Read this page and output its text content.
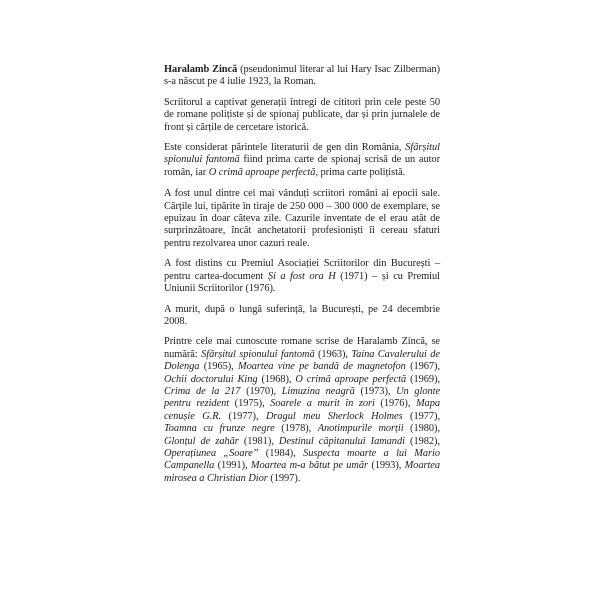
Haralamb Zincă (pseudonimul literar al lui Hary Isac Zilberman) s-a născut pe 4 iulie 1923, la Roman.

Scriitorul a captivat generații întregi de cititori prin cele peste 50 de romane polițiste și de spionaj publicate, dar și prin jurnalele de front și cărțile de cercetare istorică.

Este considerat părintele literaturii de gen din România, Sfârșitul spionului fantomă fiind prima carte de spionaj scrisă de un autor român, iar O crimă aproape perfectă, prima carte polițistă.

A fost unul dintre cei mai vânduți scriitori români ai epocii sale. Cărțile lui, tipărite în tiraje de 250 000 – 300 000 de exemplare, se epuizau în doar câteva zile. Cazurile inventate de el erau atât de surprinzătoare, încât anchetatorii profesioniști îi cereau sfaturi pentru rezolvarea unor cazuri reale.

A fost distins cu Premiul Asociației Scriitorilor din București – pentru cartea-document Și a fost ora H (1971) – și cu Premiul Uniunii Scriitorilor (1976).

A murit, după o lungă suferință, la București, pe 24 decembrie 2008.

Printre cele mai cunoscute romane scrise de Haralamb Zincă, se numără: Sfârșitul spionului fantomă (1963), Taina Cavalerului de Dolenga (1965), Moartea vine pe bandă de magnetofon (1967), Ochii doctorului King (1968), O crimă aproape perfectă (1969), Crima de la 217 (1970), Limuzina neagră (1973), Un glonte pentru rezident (1975), Soarele a murit în zori (1976), Mapa cenușie G.R. (1977), Dragul meu Sherlock Holmes (1977), Toamna cu frunze negre (1978), Anotimpurile morții (1980), Glonțul de zahăr (1981), Destinul căpitanului Iamandi (1982), Operațiunea „Soare” (1984), Suspecta moarte a lui Mario Campanella (1991), Moartea m-a bătut pe umăr (1993), Moartea mirosea a Christian Dior (1997).
